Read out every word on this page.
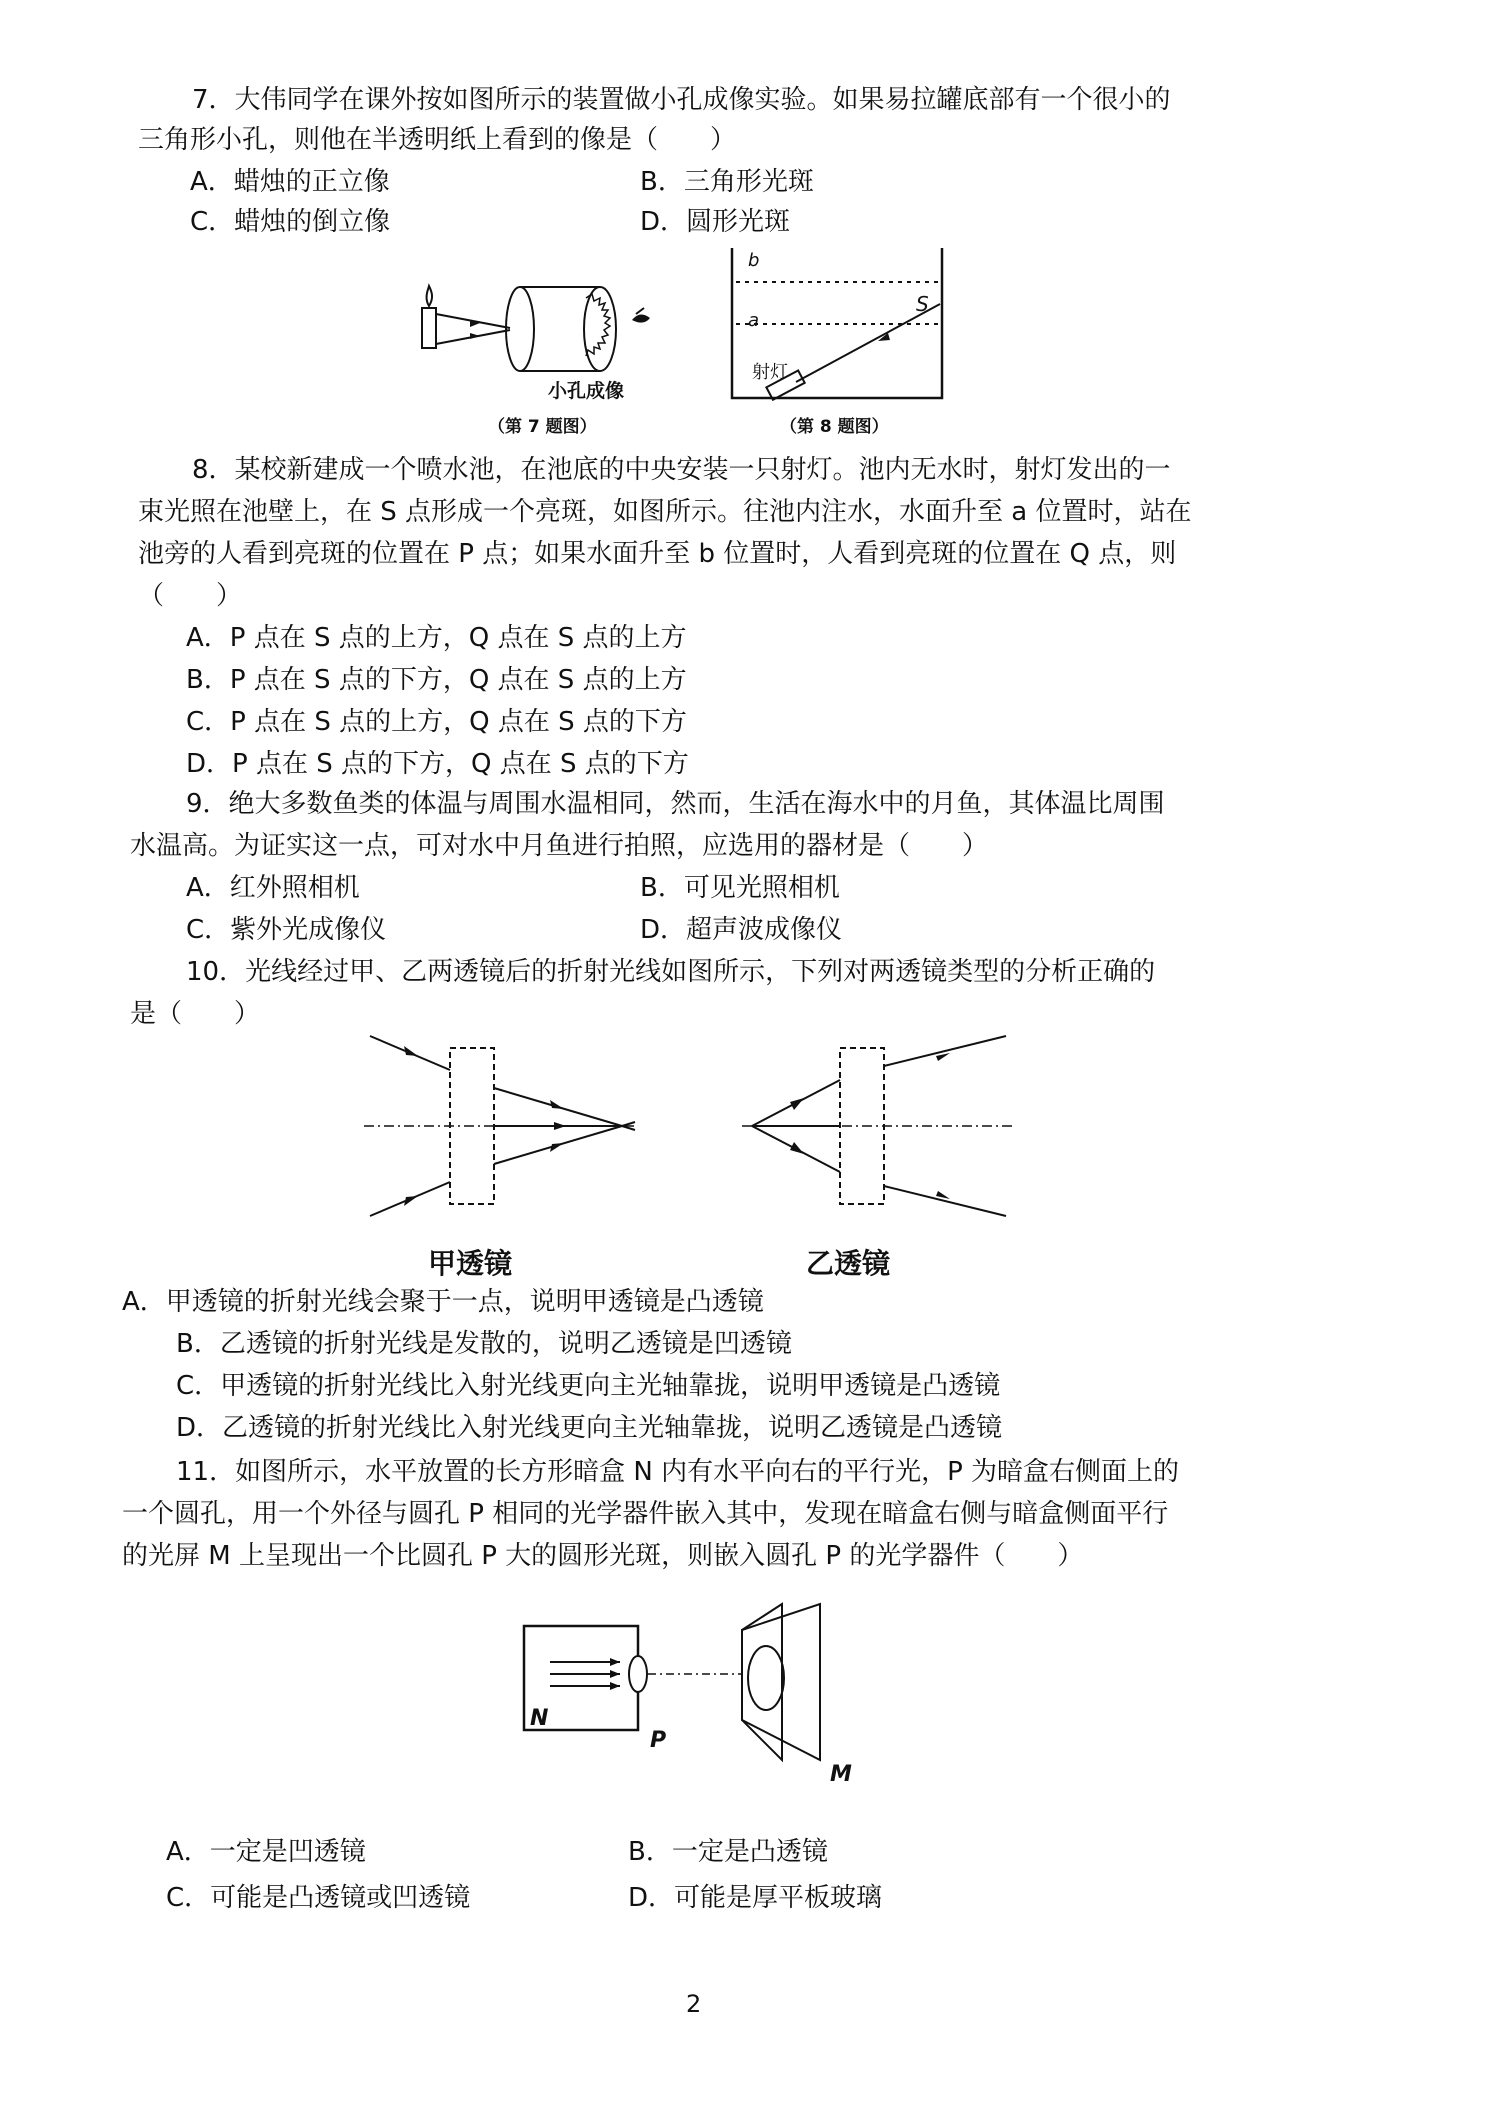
7．大伟同学在课外按如图所示的装置做小孔成像实验。如果易拉罐底部有一个很小的
三角形小孔，则他在半透明纸上看到的像是（　　）
A．蜡烛的正立像	B．三角形光斑
C．蜡烛的倒立像	D．圆形光斑
小孔成像
（第 7 题图）
b
a
S
射灯
（第 8 题图）
8．某校新建成一个喷水池，在池底的中央安装一只射灯。池内无水时，射灯发出的一
束光照在池壁上，在 S 点形成一个亮斑，如图所示。往池内注水，水面升至 a 位置时，站在
池旁的人看到亮斑的位置在 P 点；如果水面升至 b 位置时，人看到亮斑的位置在 Q 点，则
（　　）
A．P 点在 S 点的上方，Q 点在 S 点的上方
B．P 点在 S 点的下方，Q 点在 S 点的上方
C．P 点在 S 点的上方，Q 点在 S 点的下方
D．P 点在 S 点的下方，Q 点在 S 点的下方
9．绝大多数鱼类的体温与周围水温相同，然而，生活在海水中的月鱼，其体温比周围
水温高。为证实这一点，可对水中月鱼进行拍照，应选用的器材是（　　）
A．红外照相机	B．可见光照相机
C．紫外光成像仪	D．超声波成像仪
10．光线经过甲、乙两透镜后的折射光线如图所示，下列对两透镜类型的分析正确的
是（　　）
甲透镜	乙透镜
A．甲透镜的折射光线会聚于一点，说明甲透镜是凸透镜
B．乙透镜的折射光线是发散的，说明乙透镜是凹透镜
C．甲透镜的折射光线比入射光线更向主光轴靠拢，说明甲透镜是凸透镜
D．乙透镜的折射光线比入射光线更向主光轴靠拢，说明乙透镜是凸透镜
11．如图所示，水平放置的长方形暗盒 N 内有水平向右的平行光，P 为暗盒右侧面上的
一个圆孔，用一个外径与圆孔 P 相同的光学器件嵌入其中，发现在暗盒右侧与暗盒侧面平行
的光屏 M 上呈现出一个比圆孔 P 大的圆形光斑，则嵌入圆孔 P 的光学器件（　　）
N
P
M
A．一定是凹透镜	B．一定是凸透镜
C．可能是凸透镜或凹透镜	D．可能是厚平板玻璃
2
